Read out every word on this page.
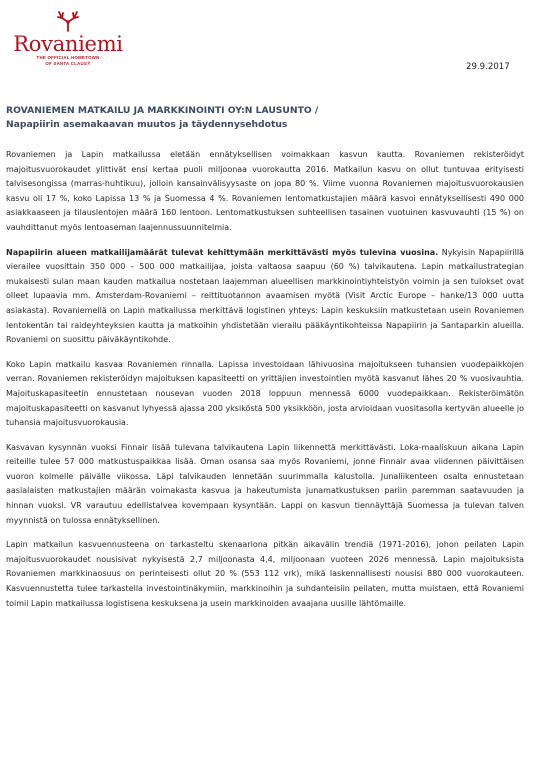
Rovaniemi
THE OFFICIAL HOMETOWN
OF SANTA CLAUS®	29.9.2017
ROVANIEMEN MATKAILU JA MARKKINOINTI OY:N LAUSUNTO /
Napapiirin asemakaavan muutos ja täydennysehdotus

Rovaniemen ja Lapin matkailussa eletään ennätyksellisen voimakkaan kasvun kautta. Rovaniemen rekisteröidyt majoitusvuorokaudet ylittivät ensi kertaa puoli miljoonaa vuorokautta 2016. Matkailun kasvu on ollut tuntuvaa erityisesti talvisesongissa (marras-huhtikuu), jolloin kansainvälisyysaste on jopa 80 %. Viime vuonna Rovaniemen majoitusvuorokausien kasvu oli 17 %, koko Lapissa 13 % ja Suomessa 4 %. Rovaniemen lentomatkustajien määrä kasvoi ennätyksellisesti 490 000 asiakkaaseen ja tilauslentojen määrä 160 lentoon. Lentomatkustuksen suhteellisen tasainen vuotuinen kasvuvauhti (15 %) on vauhdittanut myös lentoaseman laajennussuunnitelmia.

Napapiirin alueen matkailijamäärät tulevat kehittymään merkittävästi myös tulevina vuosina. Nykyisin Napapiirillä vierailee vuosittain 350 000 – 500 000 matkailijaa, joista valtaosa saapuu (60 %) talvikautena. Lapin matkailustrategian mukaisesti sulan maan kauden matkailua nostetaan laajemman alueellisen markkinointiyhteistyön voimin ja sen tulokset ovat olleet lupaavia mm. Amsterdam-Rovaniemi – reittituotannon avaamisen myötä (Visit Arctic Europe – hanke/13 000 uutta asiakasta). Rovaniemellä on Lapin matkailussa merkittävä logistinen yhteys: Lapin keskuksiin matkustetaan usein Rovaniemen lentokentän tai raideyhteyksien kautta ja matkoihin yhdistetään vierailu pääkäyntikohteissa Napapiirin ja Santaparkin alueilla. Rovaniemi on suosittu päiväkäyntikohde.

Koko Lapin matkailu kasvaa Rovaniemen rinnalla. Lapissa investoidaan lähivuosina majoitukseen tuhansien vuodepaikkojen verran. Rovaniemen rekisteröidyn majoituksen kapasiteetti on yrittäjien investointien myötä kasvanut lähes 20 % vuosivauhtia. Majoituskapasiteetin ennustetaan nousevan vuoden 2018 loppuun mennessä 6000 vuodepaikkaan. Rekisteröimätön majoituskapasiteetti on kasvanut lyhyessä ajassa 200 yksiköstä 500 yksikköön, josta arvioidaan vuositasolla kertyvän alueelle jo tuhansia majoitusvuorokausia.

Kasvavan kysynnän vuoksi Finnair lisää tulevana talvikautena Lapin liikennettä merkittävästi. Loka-maaliskuun aikana Lapin reiteille tulee 57 000 matkustuspaikkaa lisää. Oman osansa saa myös Rovaniemi, jonne Finnair avaa viidennen päivittäisen vuoron kolmelle päivälle viikossa. Läpi talvikauden lennetään suurimmalla kalustolla. Junaliikenteen osalta ennustetaan aasialaisten matkustajien määrän voimakasta kasvua ja hakeutumista junamatkustuksen pariin paremman saatavuuden ja hinnan vuoksi. VR varautuu edellistalvea kovempaan kysyntään. Lappi on kasvun tiennäyttäjä Suomessa ja tulevan talven myynnistä on tulossa ennätyksellinen.

Lapin matkailun kasvuennusteena on tarkasteltu skenaariona pitkän aikavälin trendiä (1971-2016), johon peilaten Lapin majoitusvuorokaudet nousisivat nykyisestä 2,7 miljoonasta 4,4, miljoonaan vuoteen 2026 mennessä. Lapin majoituksista Rovaniemen markkinaosuus on perinteisesti ollut 20 % (553 112 vrk), mikä laskennallisesti nousisi 880 000 vuorokauteen. Kasvuennustetta tulee tarkastella investointinäkymiin, markkinoihin ja suhdanteisiin peilaten, mutta muistaen, että Rovaniemi toimii Lapin matkailussa logistisena keskuksena ja usein markkinoiden avaajana uusille lähtömaille.
